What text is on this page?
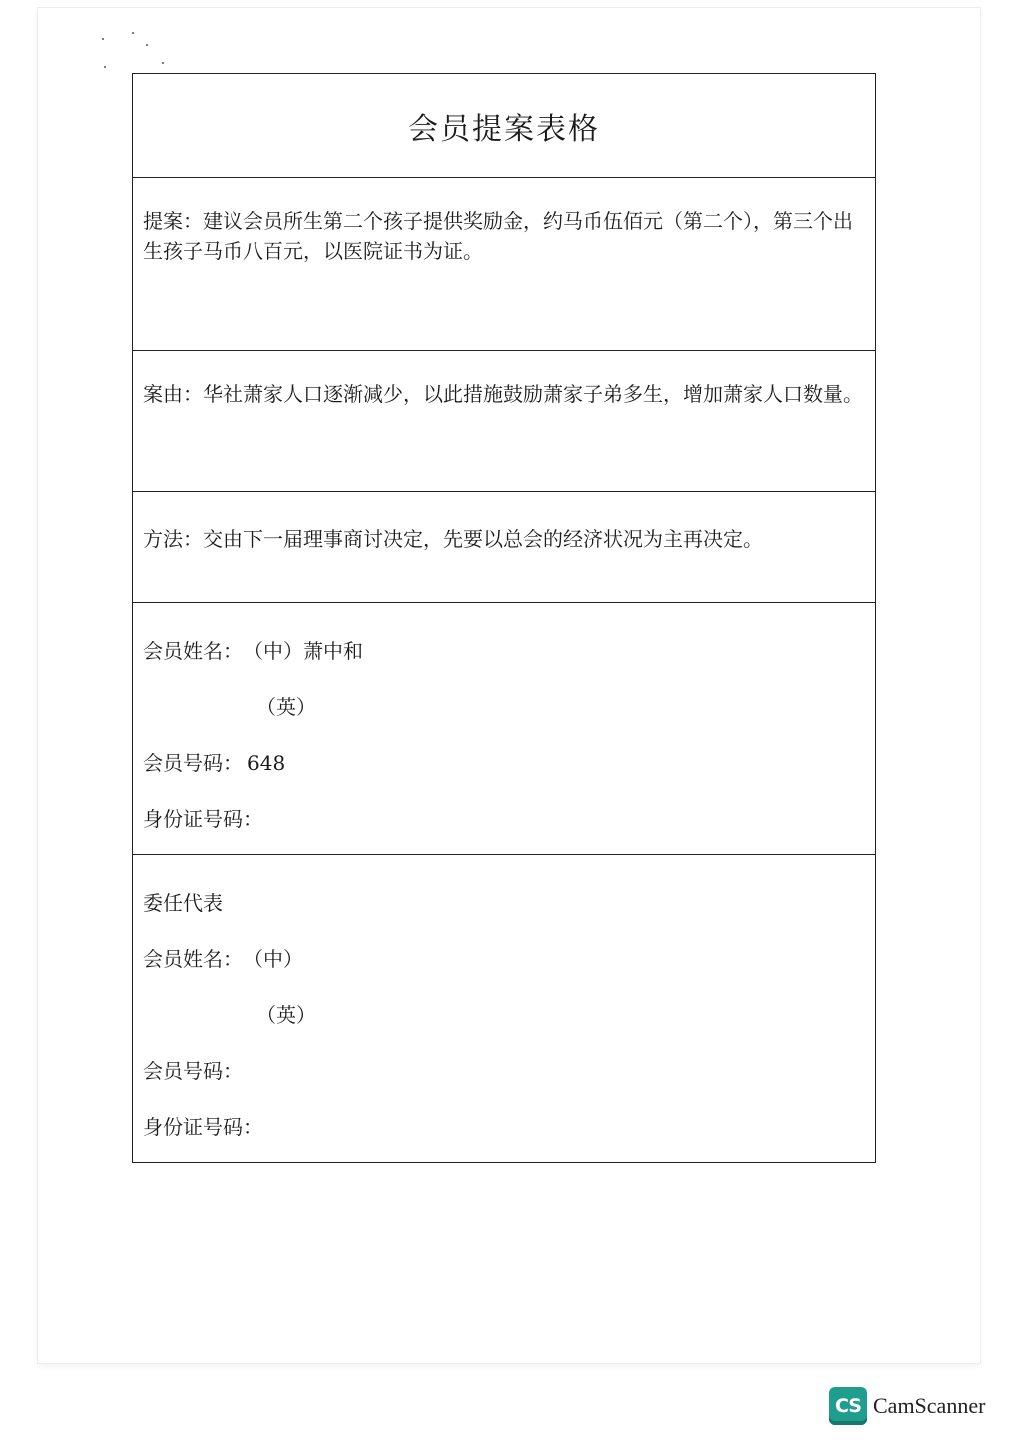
会员提案表格
提案：建议会员所生第二个孩子提供奖励金，约马币伍佰元（第二个），第三个出生孩子马币八百元，以医院证书为证。
案由：华社萧家人口逐渐减少，以此措施鼓励萧家子弟多生，增加萧家人口数量。
方法：交由下一届理事商讨决定，先要以总会的经济状况为主再决定。
会员姓名：（中）萧中和
（英）
会员号码： 648
身份证号码：
委任代表
会员姓名：（中）
（英）
会员号码：
身份证号码：
CS CamScanner
